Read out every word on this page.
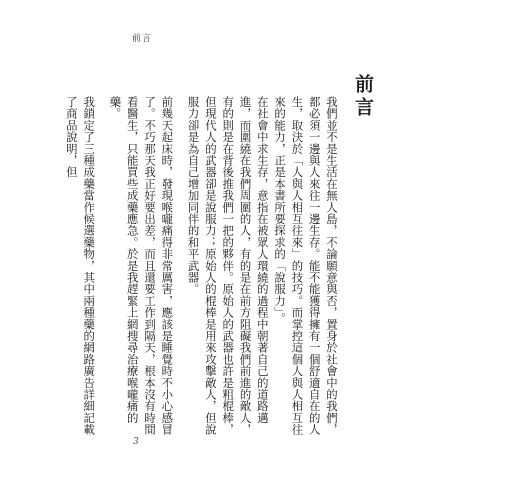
前言
前言

我們並不是生活在無人島，不論願意與否，置身於社會中的我們，都必須一邊與人來往一邊生存。能不能獲得擁有一個舒適自在的人生，取決於「人與人相互往來」的技巧。而掌控這個人與人相互往來的能力，正是本書所要探求的「說服力」。

在社會中求生存，意指在被眾人環繞的過程中朝著自己的道路邁進，而圍繞在我們周圍的人，有的是在前方阻礙我們前進的敵人，有的則是在背後推我們一把的夥伴。原始人的武器也許是粗棍棒，但現代人的武器卻是說服力；原始人的棍棒是用來攻擊敵人，但說服力卻是為自己增加同伴的和平武器。

前幾天起床時，發現喉嚨痛得非常厲害，應該是睡覺時不小心感冒了。不巧那天我正好要出差，而且還要工作到隔天，根本沒有時間看醫生，只能買些成藥應急。於是我趕緊上網搜尋治療喉嚨痛的藥。

我鎖定了三種成藥當作候選藥物，其中兩種藥的網路廣告詳細記載了商品說明，但

3
